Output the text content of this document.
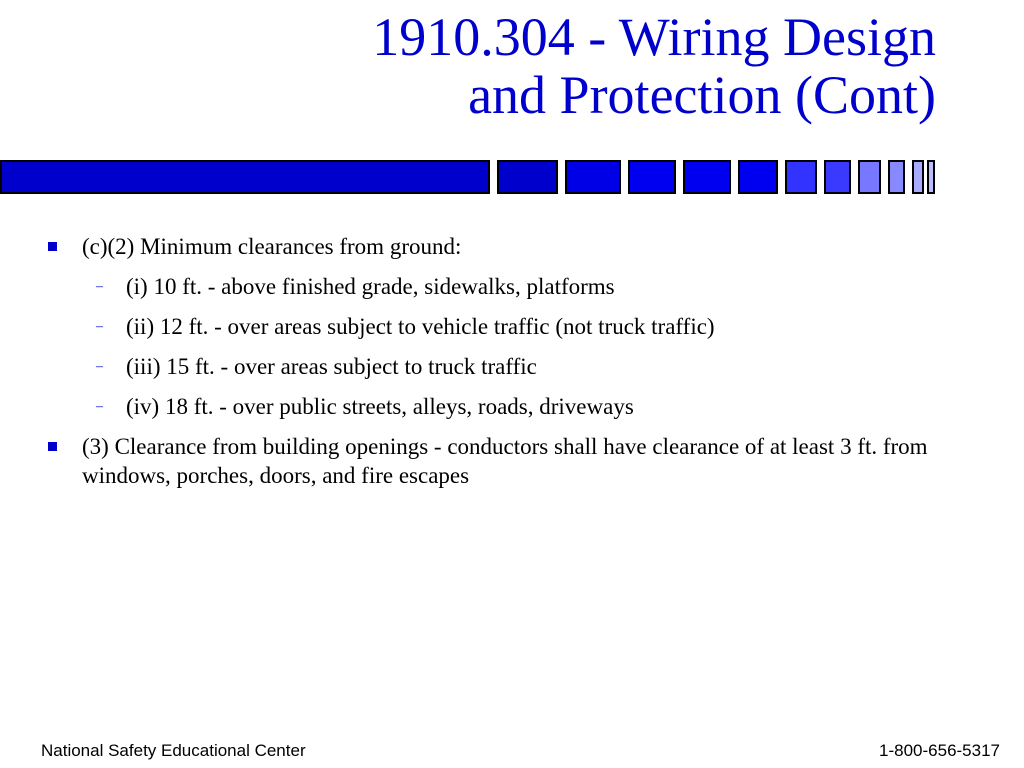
1910.304 - Wiring Design
and Protection (Cont)
(c)(2) Minimum clearances from ground:
– (i) 10 ft. - above finished grade, sidewalks, platforms
– (ii) 12 ft. - over areas subject to vehicle traffic (not truck traffic)
– (iii) 15 ft. - over areas subject to truck traffic
– (iv) 18 ft. - over public streets, alleys, roads, driveways
(3) Clearance from building openings - conductors shall have clearance of at least 3 ft. from windows, porches, doors, and fire escapes
National Safety Educational Center	1-800-656-5317
